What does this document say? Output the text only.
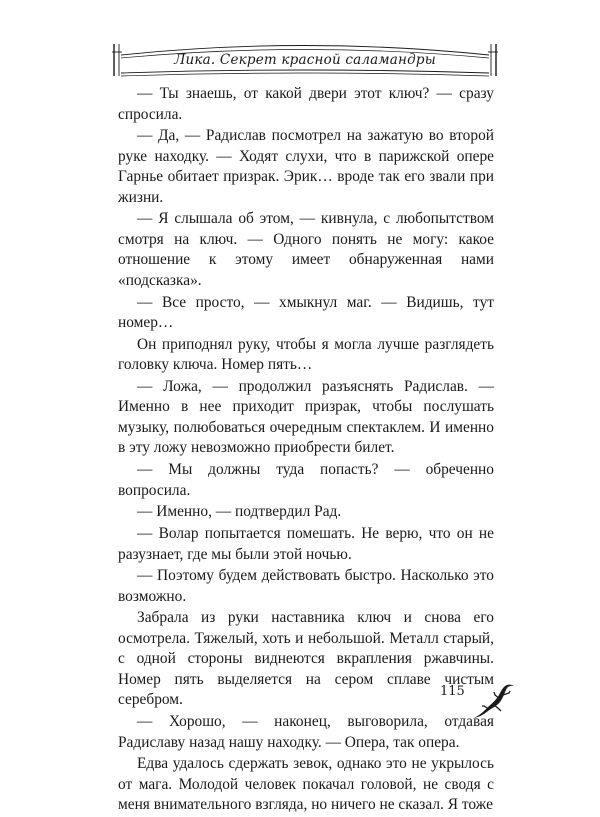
Лика. Секрет красной саламандры

— Ты знаешь, от какой двери этот ключ? — сразу спросила.

— Да, — Радислав посмотрел на зажатую во второй руке находку. — Ходят слухи, что в парижской опере Гарнье обитает призрак. Эрик… вроде так его звали при жизни.

— Я слышала об этом, — кивнула, с любопытством смотря на ключ. — Одного понять не могу: какое отношение к этому имеет обнаруженная нами «подсказка».

— Все просто, — хмыкнул маг. — Видишь, тут номер…

Он приподнял руку, чтобы я могла лучше разглядеть головку ключа. Номер пять…

— Ложа, — продолжил разъяснять Радислав. — Именно в нее приходит призрак, чтобы послушать музыку, полюбоваться очередным спектаклем. И именно в эту ложу невозможно приобрести билет.

— Мы должны туда попасть? — обреченно вопросила.

— Именно, — подтвердил Рад.

— Волар попытается помешать. Не верю, что он не разузнает, где мы были этой ночью.

— Поэтому будем действовать быстро. Насколько это возможно.

Забрала из руки наставника ключ и снова его осмотрела. Тяжелый, хоть и небольшой. Металл старый, с одной стороны виднеются вкрапления ржавчины. Номер пять выделяется на сером сплаве чистым серебром.

— Хорошо, — наконец, выговорила, отдавая Радиславу назад нашу находку. — Опера, так опера.

Едва удалось сдержать зевок, однако это не укрылось от мага. Молодой человек покачал головой, не сводя с меня внимательного взгляда, но ничего не сказал. Я тоже

115
